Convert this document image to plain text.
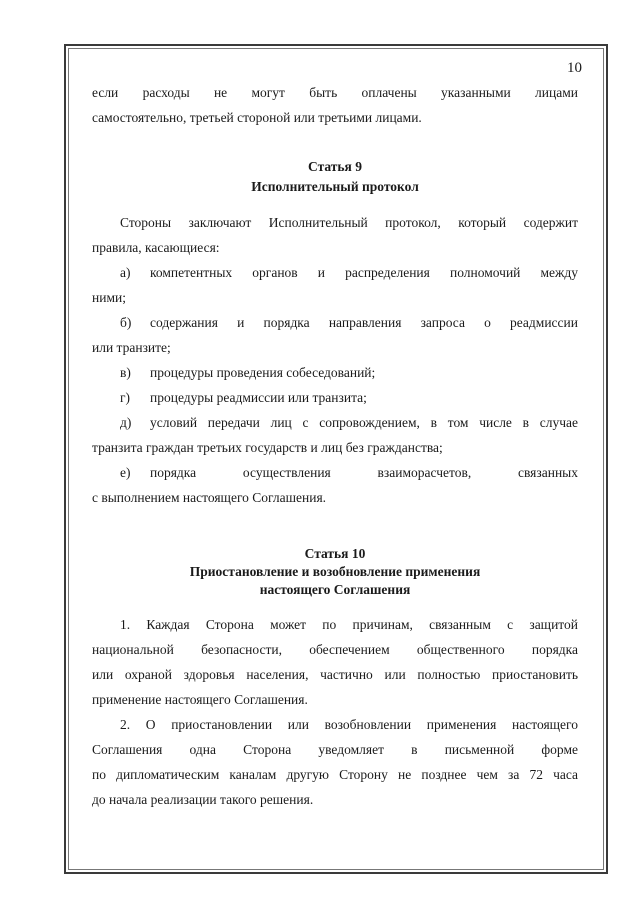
10
если расходы не могут быть оплачены указанными лицами
самостоятельно, третьей стороной или третьими лицами.
Статья 9
Исполнительный протокол
Стороны заключают Исполнительный протокол, который содержит
правила, касающиеся:
а)	компетентных органов и распределения полномочий между
ними;
б)	содержания и порядка направления запроса о реадмиссии
или транзите;
в)	процедуры проведения собеседований;
г)	процедуры реадмиссии или транзита;
д)	условий передачи лиц с сопровождением, в том числе в случае
транзита граждан третьих государств и лиц без гражданства;
е)	порядка осуществления взаиморасчетов, связанных
с выполнением настоящего Соглашения.
Статья 10
Приостановление и возобновление применения
настоящего Соглашения
1. Каждая Сторона может по причинам, связанным с защитой
национальной безопасности, обеспечением общественного порядка
или охраной здоровья населения, частично или полностью приостановить
применение настоящего Соглашения.
2. О приостановлении или возобновлении применения настоящего
Соглашения одна Сторона уведомляет в письменной форме
по дипломатическим каналам другую Сторону не позднее чем за 72 часа
до начала реализации такого решения.
